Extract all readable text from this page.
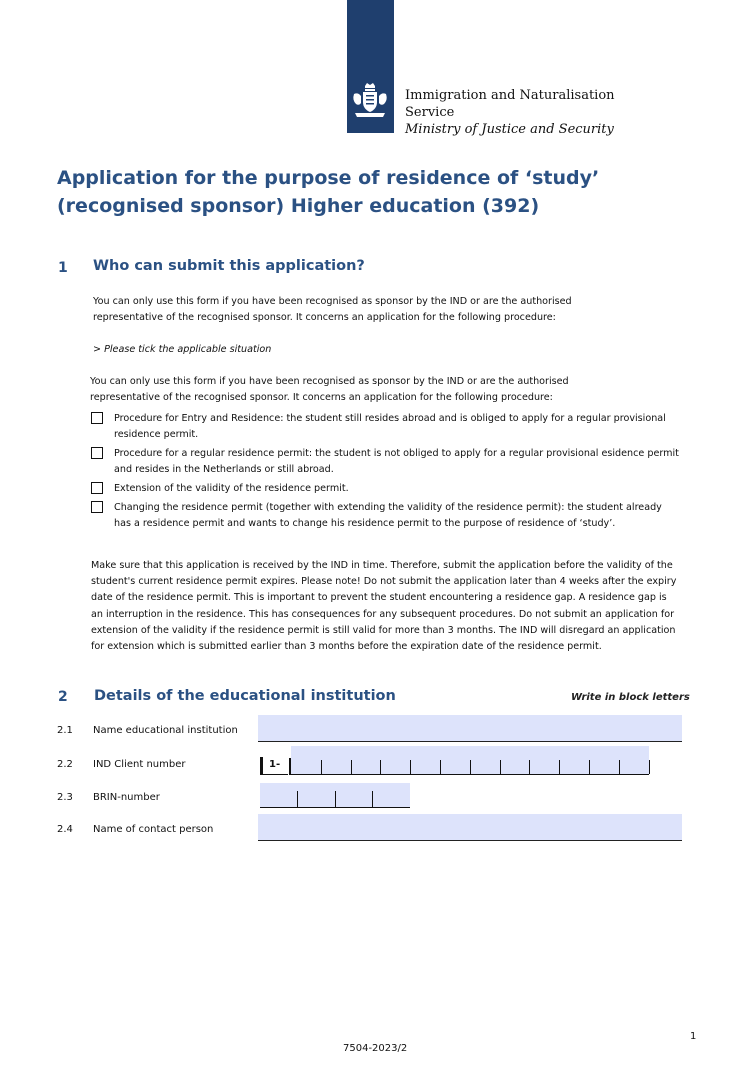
Immigration and Naturalisation
Service
Ministry of Justice and Security
Application for the purpose of residence of ‘study’ (recognised sponsor) Higher education (392)
1 Who can submit this application?

You can only use this form if you have been recognised as sponsor by the IND or are the authorised representative of the recognised sponsor. It concerns an application for the following procedure:

> Please tick the applicable situation

You can only use this form if you have been recognised as sponsor by the IND or are the authorised representative of the recognised sponsor. It concerns an application for the following procedure:

Procedure for Entry and Residence: the student still resides abroad and is obliged to apply for a regular provisional residence permit.
Procedure for a regular residence permit: the student is not obliged to apply for a regular provisional esidence permit and resides in the Netherlands or still abroad.
Extension of the validity of the residence permit.
Changing the residence permit (together with extending the validity of the residence permit): the student already has a residence permit and wants to change his residence permit to the purpose of residence of ‘study’.

Make sure that this application is received by the IND in time. Therefore, submit the application before the validity of the student's current residence permit expires. Please note! Do not submit the application later than 4 weeks after the expiry date of the residence permit. This is important to prevent the student encountering a residence gap. A residence gap is an interruption in the residence. This has consequences for any subsequent procedures. Do not submit an application for extension of the validity if the residence permit is still valid for more than 3 months. The IND will disregard an application for extension which is submitted earlier than 3 months before the expiration date of the residence permit.

2 Details of the educational institution	Write in block letters
2.1 Name educational institution
2.2 IND Client number	1-
2.3 BRIN-number
2.4 Name of contact person
1
7504-2023/2
